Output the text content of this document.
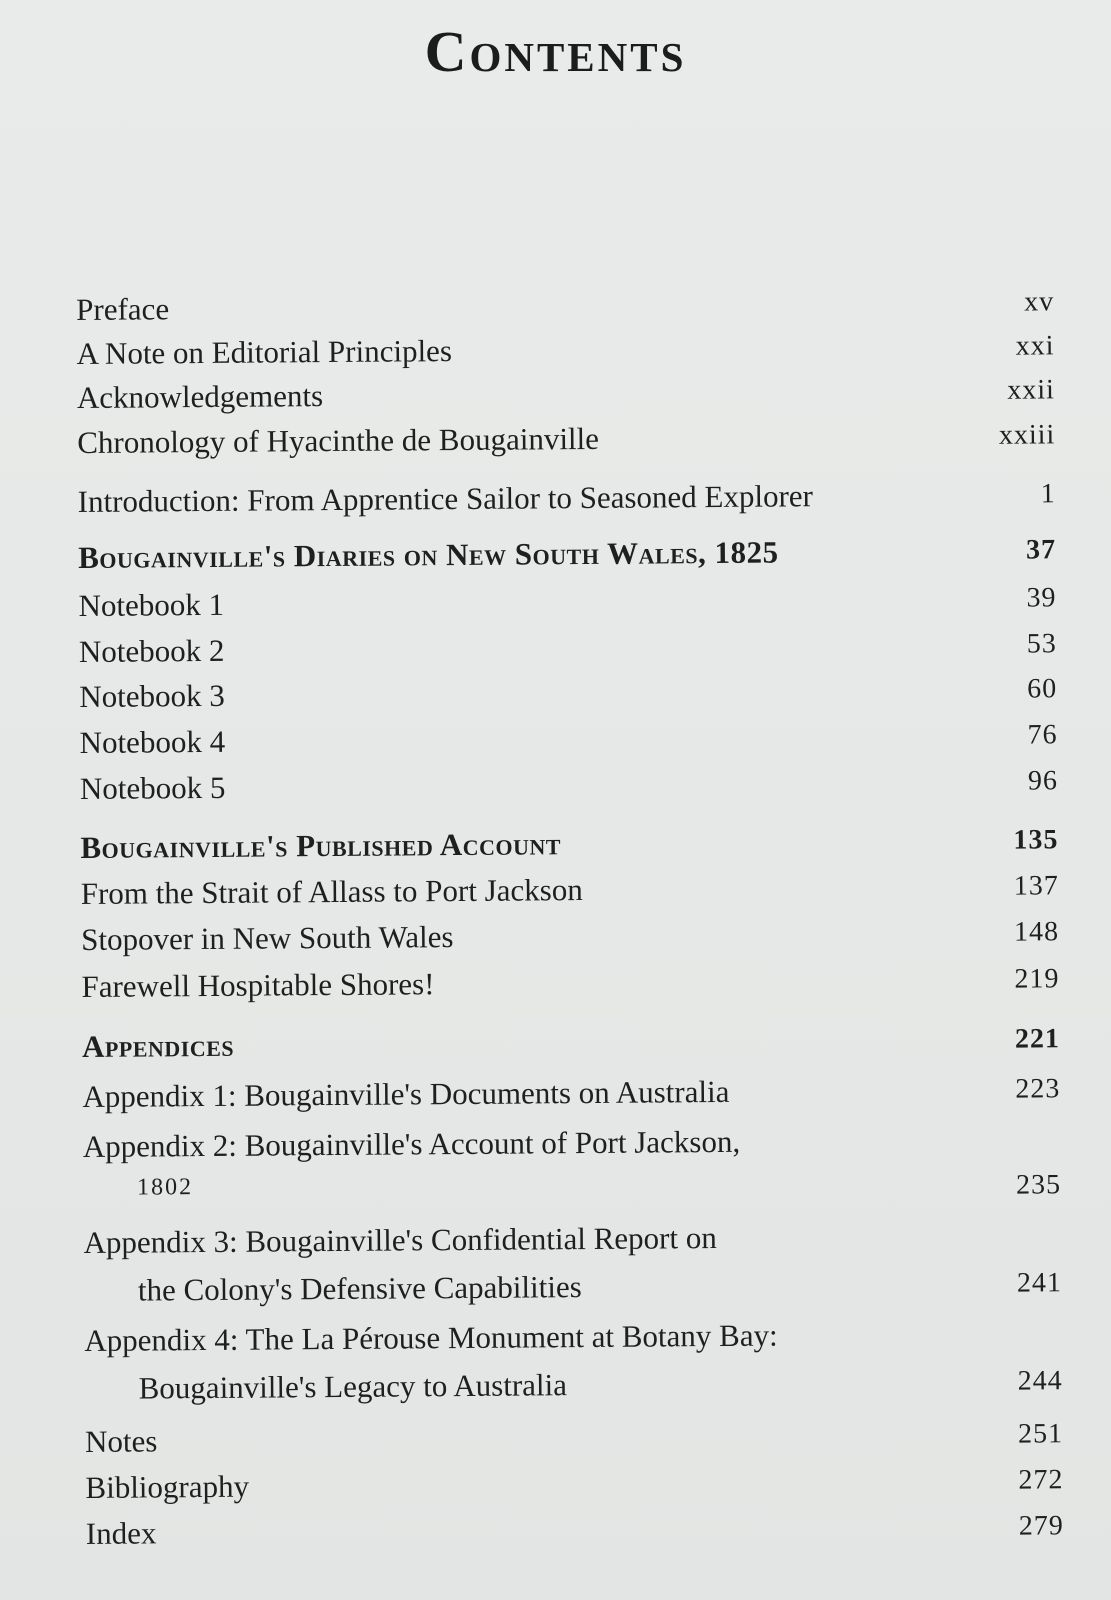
Contents
Preface	xv
A Note on Editorial Principles	xxi
Acknowledgements	xxii
Chronology of Hyacinthe de Bougainville	xxiii
Introduction: From Apprentice Sailor to Seasoned Explorer	1
Bougainville's Diaries on New South Wales, 1825	37
Notebook 1	39
Notebook 2	53
Notebook 3	60
Notebook 4	76
Notebook 5	96
Bougainville's Published Account	135
From the Strait of Allass to Port Jackson	137
Stopover in New South Wales	148
Farewell Hospitable Shores!	219
Appendices	221
Appendix 1: Bougainville's Documents on Australia	223
Appendix 2: Bougainville's Account of Port Jackson,
1802	235
Appendix 3: Bougainville's Confidential Report on
the Colony's Defensive Capabilities	241
Appendix 4: The La Pérouse Monument at Botany Bay:
Bougainville's Legacy to Australia	244
Notes	251
Bibliography	272
Index	279
